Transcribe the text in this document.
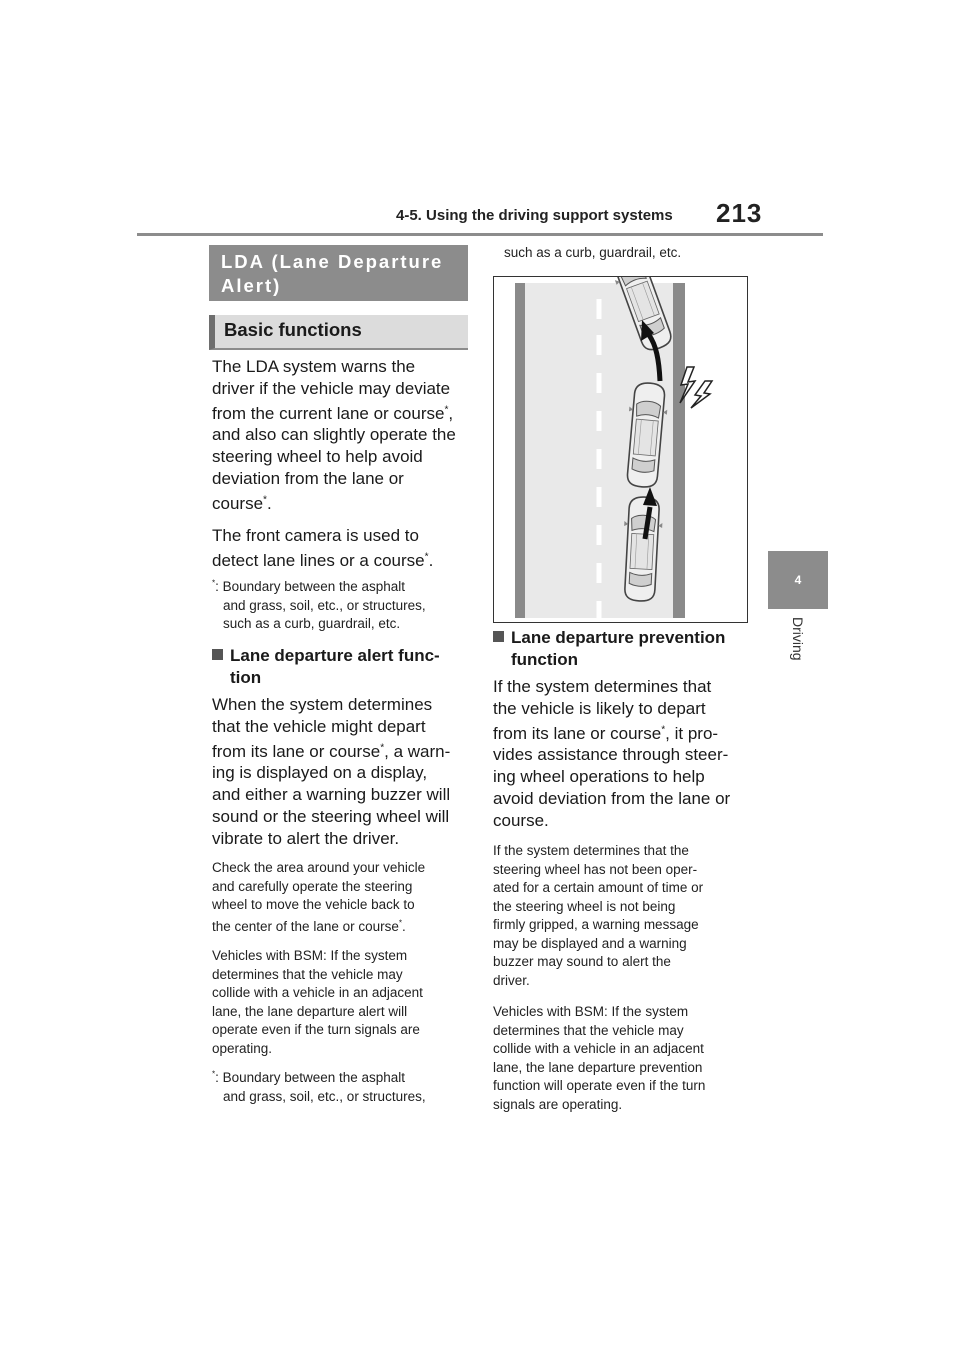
4-5. Using the driving support systems 213
4
Driving
LDA (Lane Departure
Alert)
Basic functions
The LDA system warns the
driver if the vehicle may deviate
from the current lane or course*,
and also can slightly operate the
steering wheel to help avoid
deviation from the lane or
course*.
The front camera is used to
detect lane lines or a course*.
*: Boundary between the asphalt
and grass, soil, etc., or structures,
such as a curb, guardrail, etc.
Lane departure alert func-
tion
When the system determines
that the vehicle might depart
from its lane or course*, a warn-
ing is displayed on a display,
and either a warning buzzer will
sound or the steering wheel will
vibrate to alert the driver.
Check the area around your vehicle
and carefully operate the steering
wheel to move the vehicle back to
the center of the lane or course*.
Vehicles with BSM: If the system
determines that the vehicle may
collide with a vehicle in an adjacent
lane, the lane departure alert will
operate even if the turn signals are
operating.
*: Boundary between the asphalt
and grass, soil, etc., or structures,
such as a curb, guardrail, etc.
Lane departure prevention
function
If the system determines that
the vehicle is likely to depart
from its lane or course*, it pro-
vides assistance through steer-
ing wheel operations to help
avoid deviation from the lane or
course.
If the system determines that the
steering wheel has not been oper-
ated for a certain amount of time or
the steering wheel is not being
firmly gripped, a warning message
may be displayed and a warning
buzzer may sound to alert the
driver.
Vehicles with BSM: If the system
determines that the vehicle may
collide with a vehicle in an adjacent
lane, the lane departure prevention
function will operate even if the turn
signals are operating.
